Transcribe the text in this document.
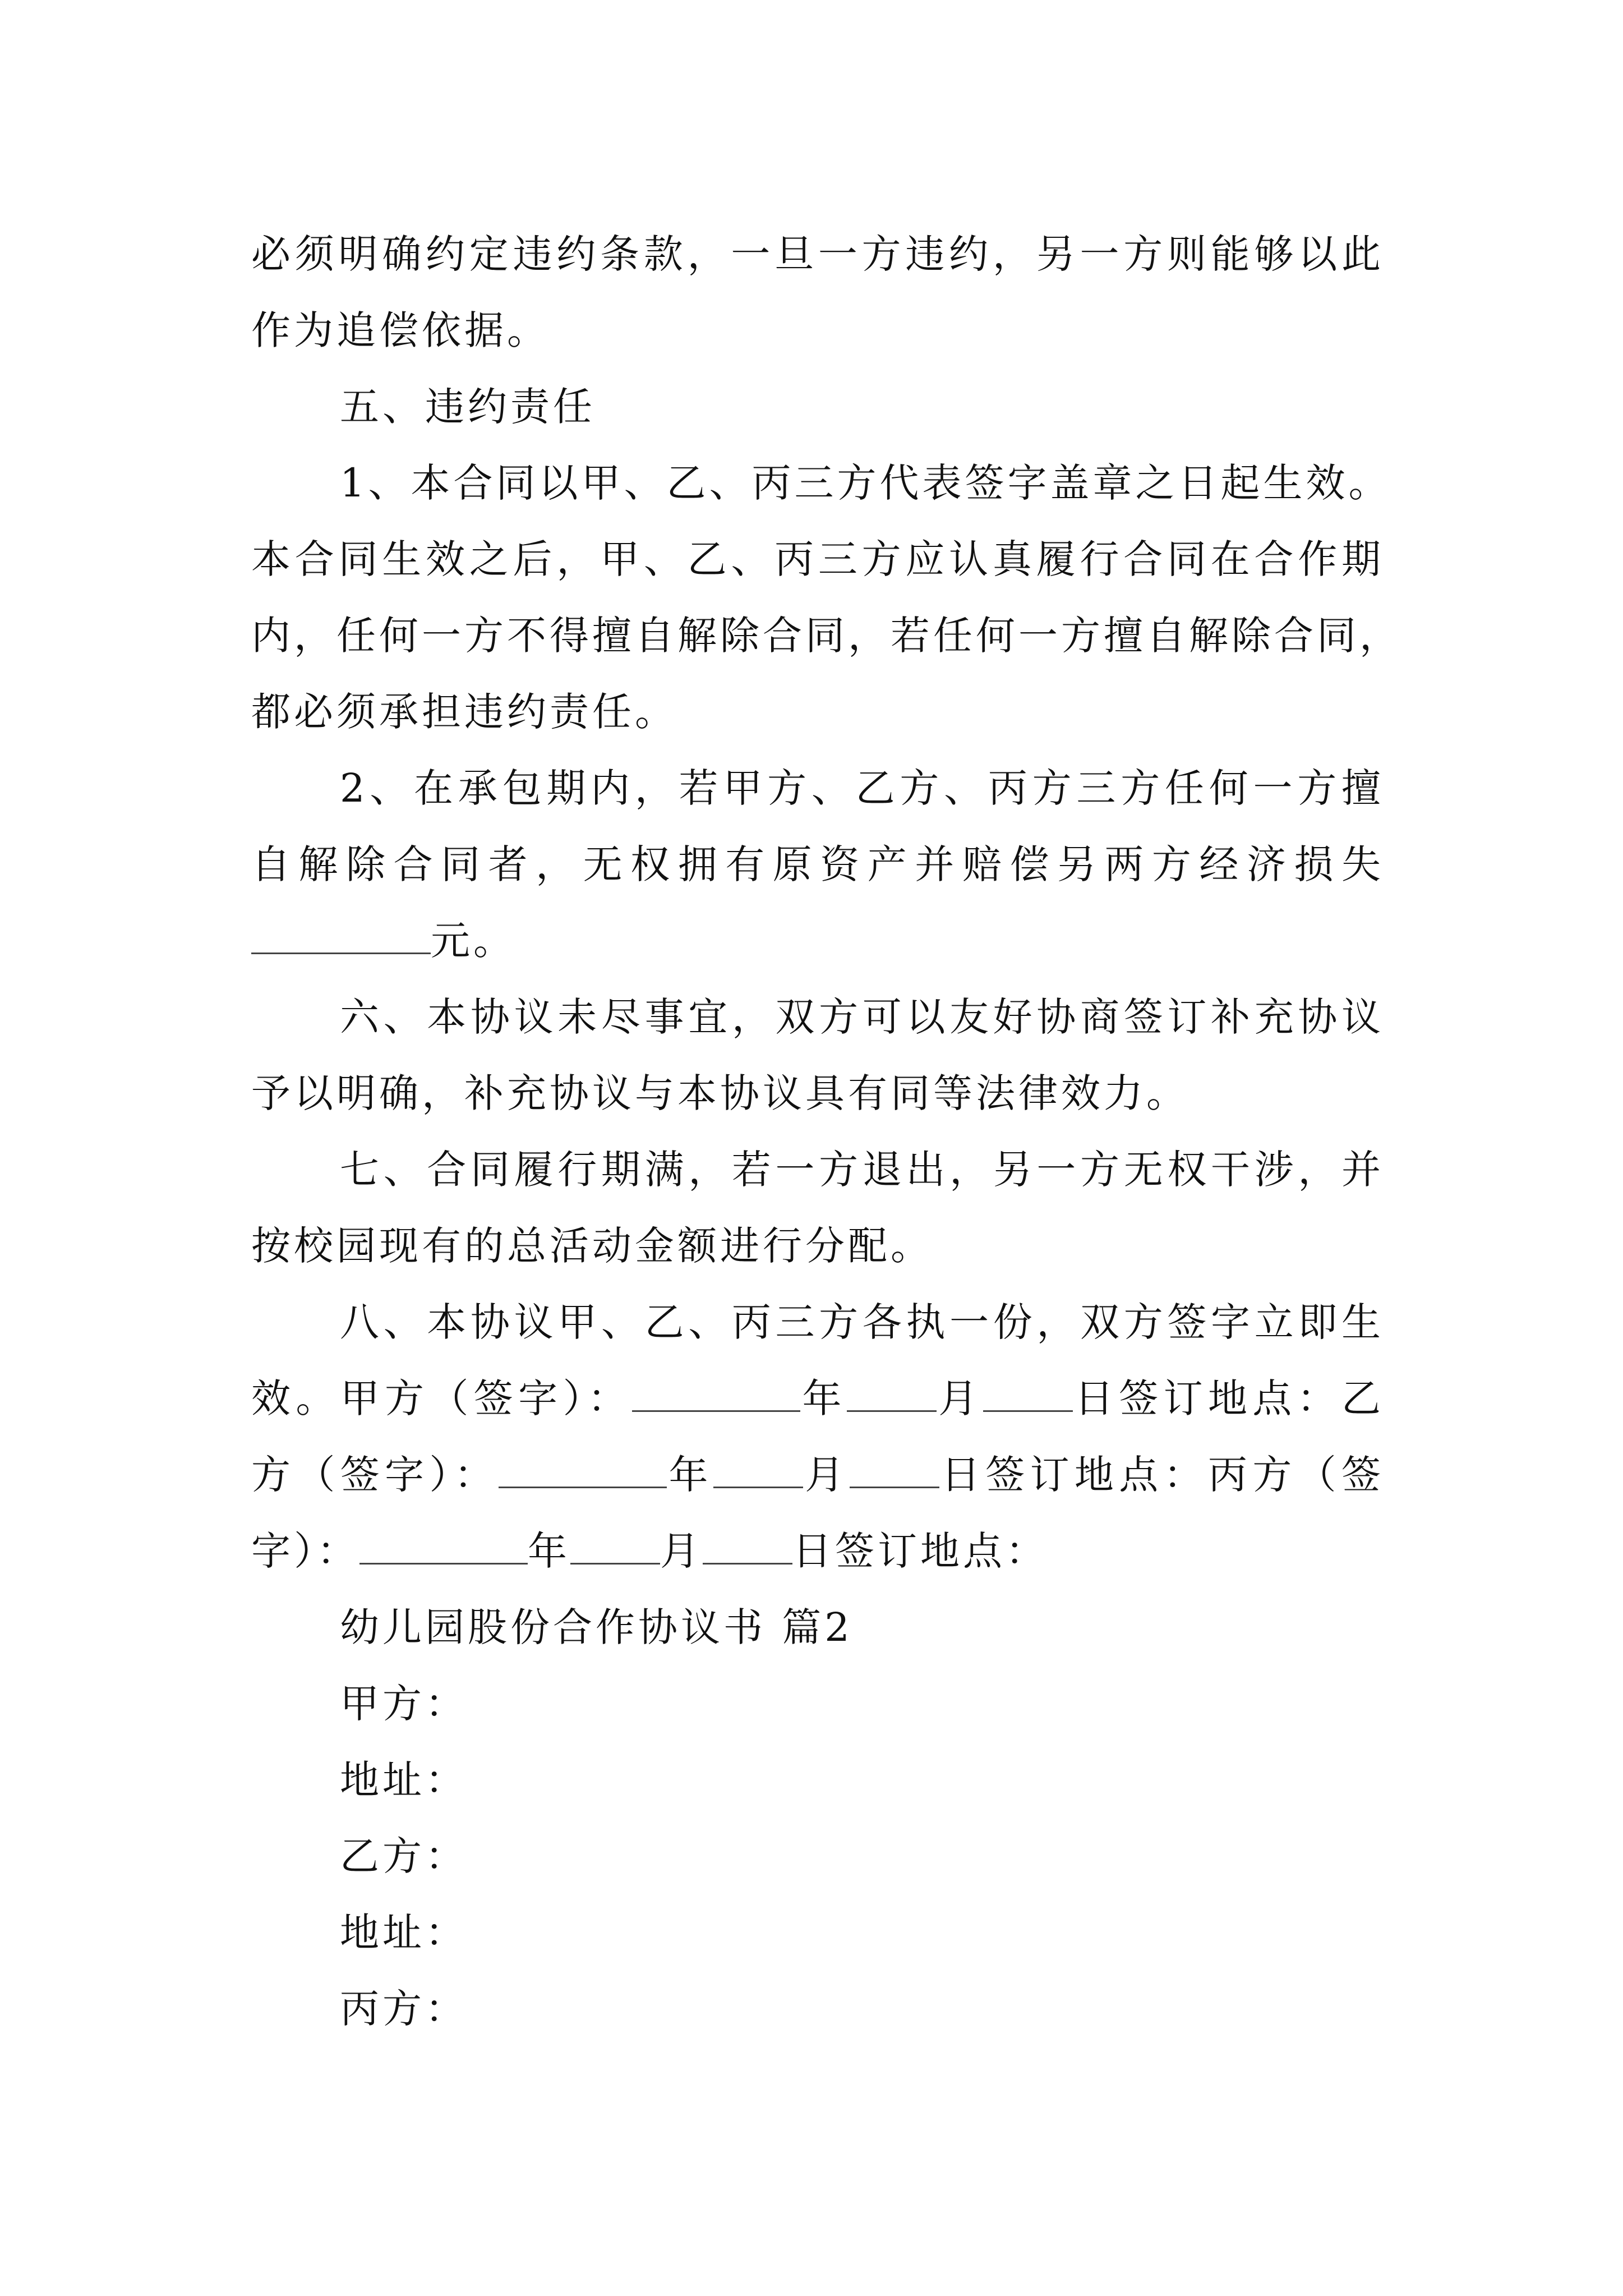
必须明确约定违约条款，一旦一方违约，另一方则能够以此
作为追偿依据。
五、违约责任
1、本合同以甲、乙、丙三方代表签字盖章之日起生效。
本合同生效之后，甲、乙、丙三方应认真履行合同在合作期
内，任何一方不得擅自解除合同，若任何一方擅自解除合同，
都必须承担违约责任。
2、在承包期内，若甲方、乙方、丙方三方任何一方擅
自解除合同者，无权拥有原资产并赔偿另两方经济损失
元。
六、本协议未尽事宜，双方可以友好协商签订补充协议
予以明确，补充协议与本协议具有同等法律效力。
七、合同履行期满，若一方退出，另一方无权干涉，并
按校园现有的总活动金额进行分配。
八、本协议甲、乙、丙三方各执一份，双方签字立即生
效。甲方（签字）：	年 月 日签订地点：乙
方（签字）：	年 月 日签订地点：丙方（签
字）：	年 月 日签订地点：
幼儿园股份合作协议书 篇2
甲方：
地址：
乙方：
地址：
丙方：
